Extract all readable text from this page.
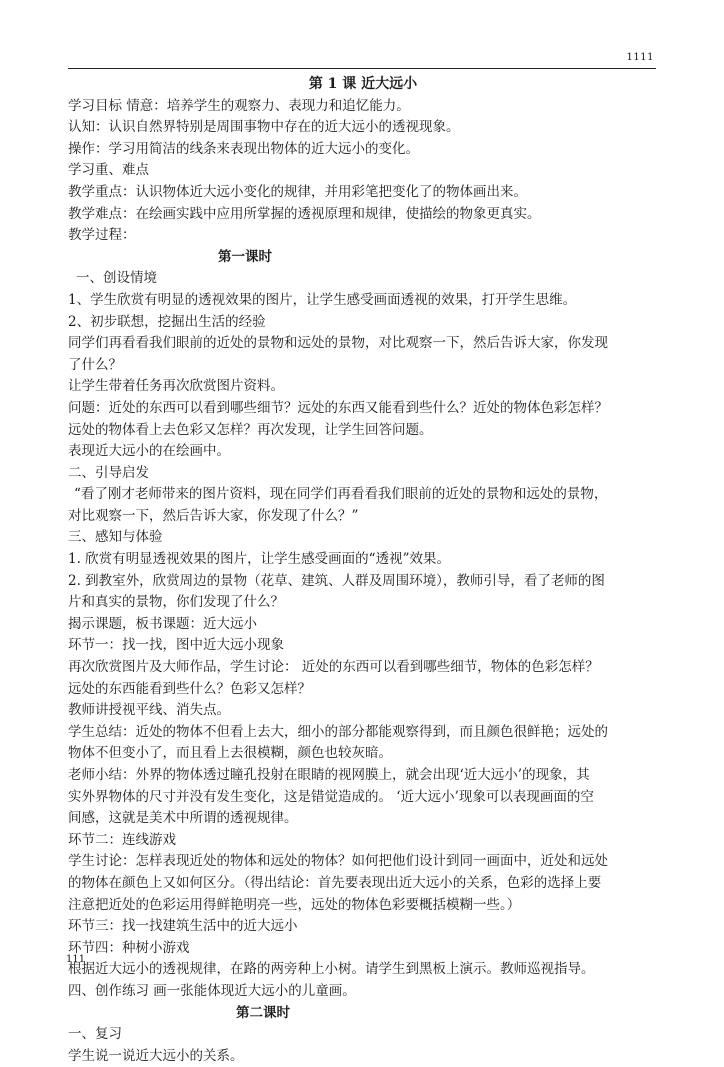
1111
第 1 课 近大远小
学习目标 情意：培养学生的观察力、表现力和追忆能力。
认知：认识自然界特别是周围事物中存在的近大远小的透视现象。
操作：学习用简洁的线条来表现出物体的近大远小的变化。
学习重、难点
教学重点：认识物体近大远小变化的规律，并用彩笔把变化了的物体画出来。
教学难点：在绘画实践中应用所掌握的透视原理和规律，使描绘的物象更真实。
教学过程：
第一课时
一、创设情境
1、学生欣赏有明显的透视效果的图片，让学生感受画面透视的效果，打开学生思维。
2、初步联想，挖掘出生活的经验
同学们再看看我们眼前的近处的景物和远处的景物，对比观察一下，然后告诉大家，你发现
了什么？
让学生带着任务再次欣赏图片资料。
问题：近处的东西可以看到哪些细节？远处的东西又能看到些什么？近处的物体色彩怎样？
远处的物体看上去色彩又怎样？再次发现，让学生回答问题。
表现近大远小的在绘画中。
二、引导启发
“看了刚才老师带来的图片资料，现在同学们再看看我们眼前的近处的景物和远处的景物，
对比观察一下，然后告诉大家，你发现了什么？”
三、感知与体验
1. 欣赏有明显透视效果的图片，让学生感受画面的“透视”效果。
2. 到教室外，欣赏周边的景物（花草、建筑、人群及周围环境），教师引导，看了老师的图
片和真实的景物，你们发现了什么？
揭示课题，板书课题：近大远小
环节一：找一找，图中近大远小现象
再次欣赏图片及大师作品，学生讨论： 近处的东西可以看到哪些细节，物体的色彩怎样？
远处的东西能看到些什么？色彩又怎样？
教师讲授视平线、消失点。
学生总结：近处的物体不但看上去大，细小的部分都能观察得到，而且颜色很鲜艳；远处的
物体不但变小了，而且看上去很模糊，颜色也较灰暗。
老师小结：外界的物体透过瞳孔投射在眼睛的视网膜上，就会出现‘近大远小’的现象，其
实外界物体的尺寸并没有发生变化，这是错觉造成的。 ‘近大远小’现象可以表现画面的空
间感，这就是美术中所谓的透视规律。
环节二：连线游戏
学生讨论：怎样表现近处的物体和远处的物体？如何把他们设计到同一画面中，近处和远处
的物体在颜色上又如何区分。（得出结论：首先要表现出近大远小的关系，色彩的选择上要
注意把近处的色彩运用得鲜艳明亮一些，远处的物体色彩要概括模糊一些。）
环节三：找一找建筑生活中的近大远小
环节四：种树小游戏
根据近大远小的透视规律，在路的两旁种上小树。请学生到黑板上演示。教师巡视指导。
四、创作练习 画一张能体现近大远小的儿童画。
第二课时
一、复习
学生说一说近大远小的关系。
111
